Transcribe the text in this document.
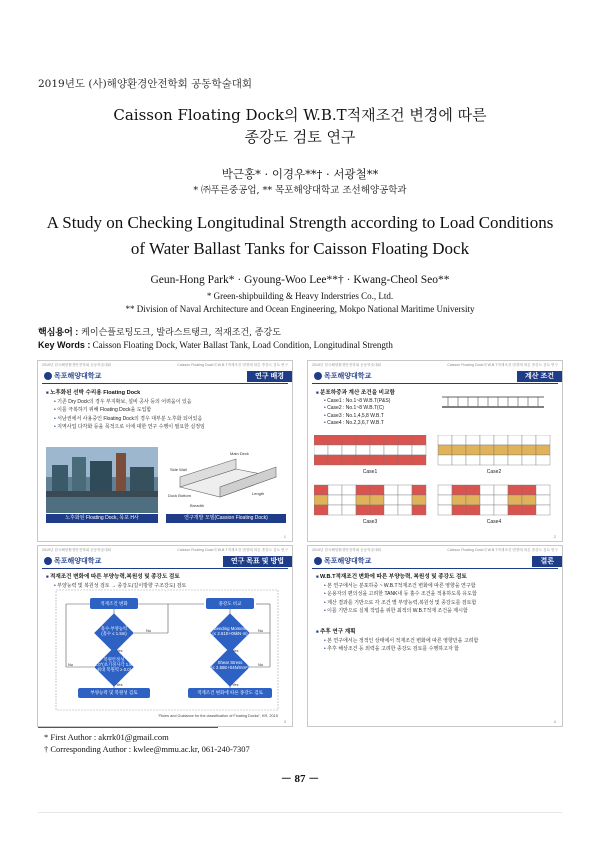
2019년도 (사)해양환경안전학회 공동학술대회
Caisson Floating Dock의 W.B.T적재조건 변경에 따른
종강도 검토 연구
박근홍* · 이경우**† · 서광철**
* ㈜푸른중공업, ** 목포해양대학교 조선해양공학과
A Study on Checking Longitudinal Strength according to Load Conditions
of Water Ballast Tanks for Caisson Floating Dock
Geun-Hong Park* · Gyoung-Woo Lee**† · Kwang-Cheol Seo**
* Green-shipbuilding & Heavy Inderstries Co., Ltd.
** Division of Naval Architecture and Ocean Engineering, Mokpo National Maritime University
핵심용어 : 케이슨플로팅도크, 발라스트탱크, 적재조건, 종강도
Key Words : Caisson Floating Dock, Water Ballast Tank, Load Condition, Longitudinal Strength
2019년 한국해양환경안전학회 공동학술대회	Caisson Floating Dock의 W.B.T적재조건 변경에 따른 종강도 검토 연구
목포해양대학교	연구 배경
■ 노후화된 선박 수리용 Floating Dock
• 기존 Dry Dock의 경우 부지확보, 설비 공사 등의 어려움이 있음
• 이를 극복하기 위해 Floating Dock을 도입함
• 서남권에서 사용중인 Floating Dock의 경우 대부분 노후화 되어있음
• 지역사업 다각화 등을 목적으로 이에 대한 연구 수행이 필요한 실정임
Main Deck
Side Wall
Dock Bottom	Length
Breadth
노후화된 Floating Dock, 목포 H사	연구개발 모델(Cassion Floating Dock)
1
2019년 한국해양환경안전학회 공동학술대회	Caisson Floating Dock의 W.B.T적재조건 변경에 따른 종강도 검토 연구
목포해양대학교	계산 조건
■ 분포하중과 계산 조건을 비교함
• Case1 : No.1~8 W.B.T(P&S)
• Case2 : No.1~8 W.B.T(C)
• Case3 : No.1,4,5,8 W.B.T
• Case4 : No.2,3,6,7 W.B.T
Case1	Case2
Case3	Case4
2
2019년 한국해양환경안전학회 공동학술대회	Caisson Floating Dock의 W.B.T적재조건 변경에 따른 종강도 검토 연구
목포해양대학교	연구 목표 및 방법
■ 적재조건 변화에 따른 부양능력,복원성 및 종강도 검토
• 부양능력 및 복원성 검토 → 종강도(길이방향 구조강도) 검토
적재조건 변화	종강도 비교
흘수·부양능력
(흘수 ≤ 1.5m)
복원안정성
(1.0°(초기경사각 1.5°)
최대 복원력 ≥ 0.0)
Bending Moment
(≤ 2.61E+05kN·m)
Shear Stress
(≤ 2.55E+04N/mm²)
Yes
Yes
Yes
Yes
No
No
No
No
부양능력 및 복원성 검토	적재조건 변화에 따른 종강도 검토
"Rules and Guidance for the classification of Floating Docks", KR, 2015
3
2019년 한국해양환경안전학회 공동학술대회	Caisson Floating Dock의 W.B.T적재조건 변경에 따른 종강도 검토 연구
목포해양대학교	결론
■ W.B.T적재조건 변화에 따른 부양능력, 복원성 및 종강도 검토
• 본 연구에서는 분포하중 ~ W.B.T적재조건 변화에 따른 영향을 연구함
• 운용자의 편의성을 고려한 TANK내 등 흘수 조건을 적용하도록 유도함
• 계산 결과를 기반으로 각 조건 별 부양능력,복원성 및 종강도를 검토함
• 이를 기반으로 실제 작업을 위한 최적의 W.B.T적재 조건을 제시함
■ 추후 연구 계획
• 본 연구에서는 정적인 상태에서 적재조건 변화에 따른 영향만을 고려함
• 추후 해상조건 등 외력을 고려한 종강도 검토를 수행하고자 함
4
* First Author : akrrk01@gmail.com
† Corresponding Author : kwlee@mmu.ac.kr, 061-240-7307
－ 87 －
